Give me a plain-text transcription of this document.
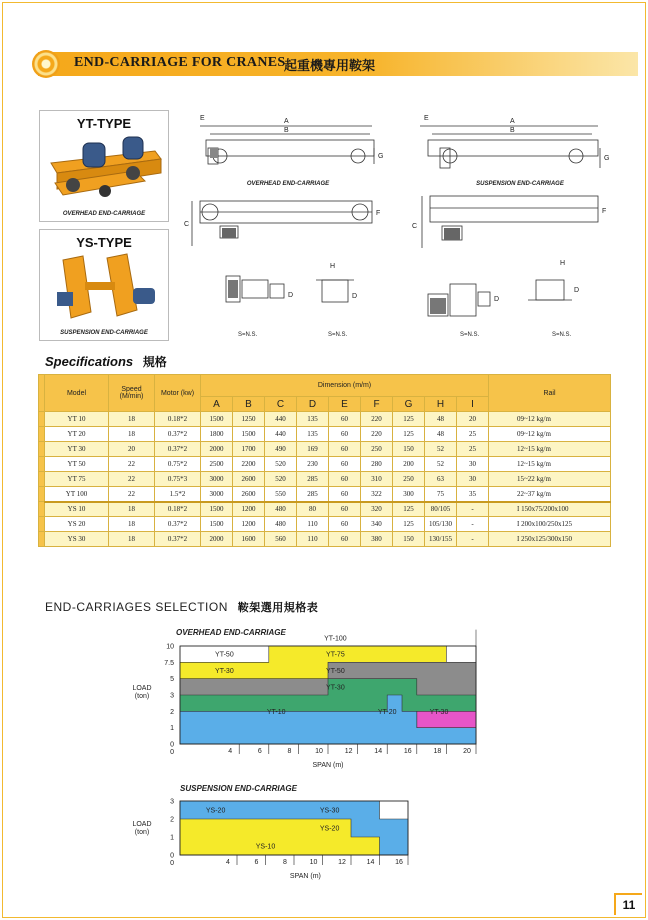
END-CARRIAGE FOR CRANES
起重機專用鞍架
YT-TYPE
OVERHEAD END-CARRIAGE
YS-TYPE
SUSPENSION END-CARRIAGE
E	A
B
G
E	A
B
G
F
C
F
C
D
H
D	D
H
D
OVERHEAD END-CARRIAGE	SUSPENSION END-CARRIAGE
S=N.S.	S=N.S.	S=N.S.	S=N.S.
Specifications 規格
	Model	Speed (M/min)	Motor (kw)	Dimension (m/m)									Rail
				A	B	C	D	E	F	G	H	I	
	YT 10	18	0.18*2	1500	1250	440	135	60	220	125	48	20	09~12 kg/m
	YT 20	18	0.37*2	1800	1500	440	135	60	220	125	48	25	09~12 kg/m
	YT 30	20	0.37*2	2000	1700	490	169	60	250	150	52	25	12~15 kg/m
	YT 50	22	0.75*2	2500	2200	520	230	60	280	200	52	30	12~15 kg/m
	YT 75	22	0.75*3	3000	2600	520	285	60	310	250	63	30	15~22 kg/m
	YT 100	22	1.5*2	3000	2600	550	285	60	322	300	75	35	22~37 kg/m
	YS 10	18	0.18*2	1500	1200	480	80	60	320	125	80/105	-	I 150x75/200x100
	YS 20	18	0.37*2	1500	1200	480	110	60	340	125	105/130	-	I 200x100/250x125
	YS 30	18	0.37*2	2000	1600	560	110	60	380	150	130/155	-	I 250x125/300x150
END-CARRIAGES SELECTION 鞍架選用規格表
OVERHEAD END-CARRIAGE
0
1
2
3
5
7.5
10
0	4	6	8	10	12	14	16	18	20
LOAD
(ton)
SPAN (m)
YT-100
YT-50	YT-75
YT-30	YT-50
YT-30
YT-10	YT-20	YT-30
SUSPENSION END-CARRIAGE
0
1
2
3
0	4	6	8	10	12	14	16
LOAD
(ton)
SPAN (m)
YS-20	YS-30
YS-20
YS-10
11
